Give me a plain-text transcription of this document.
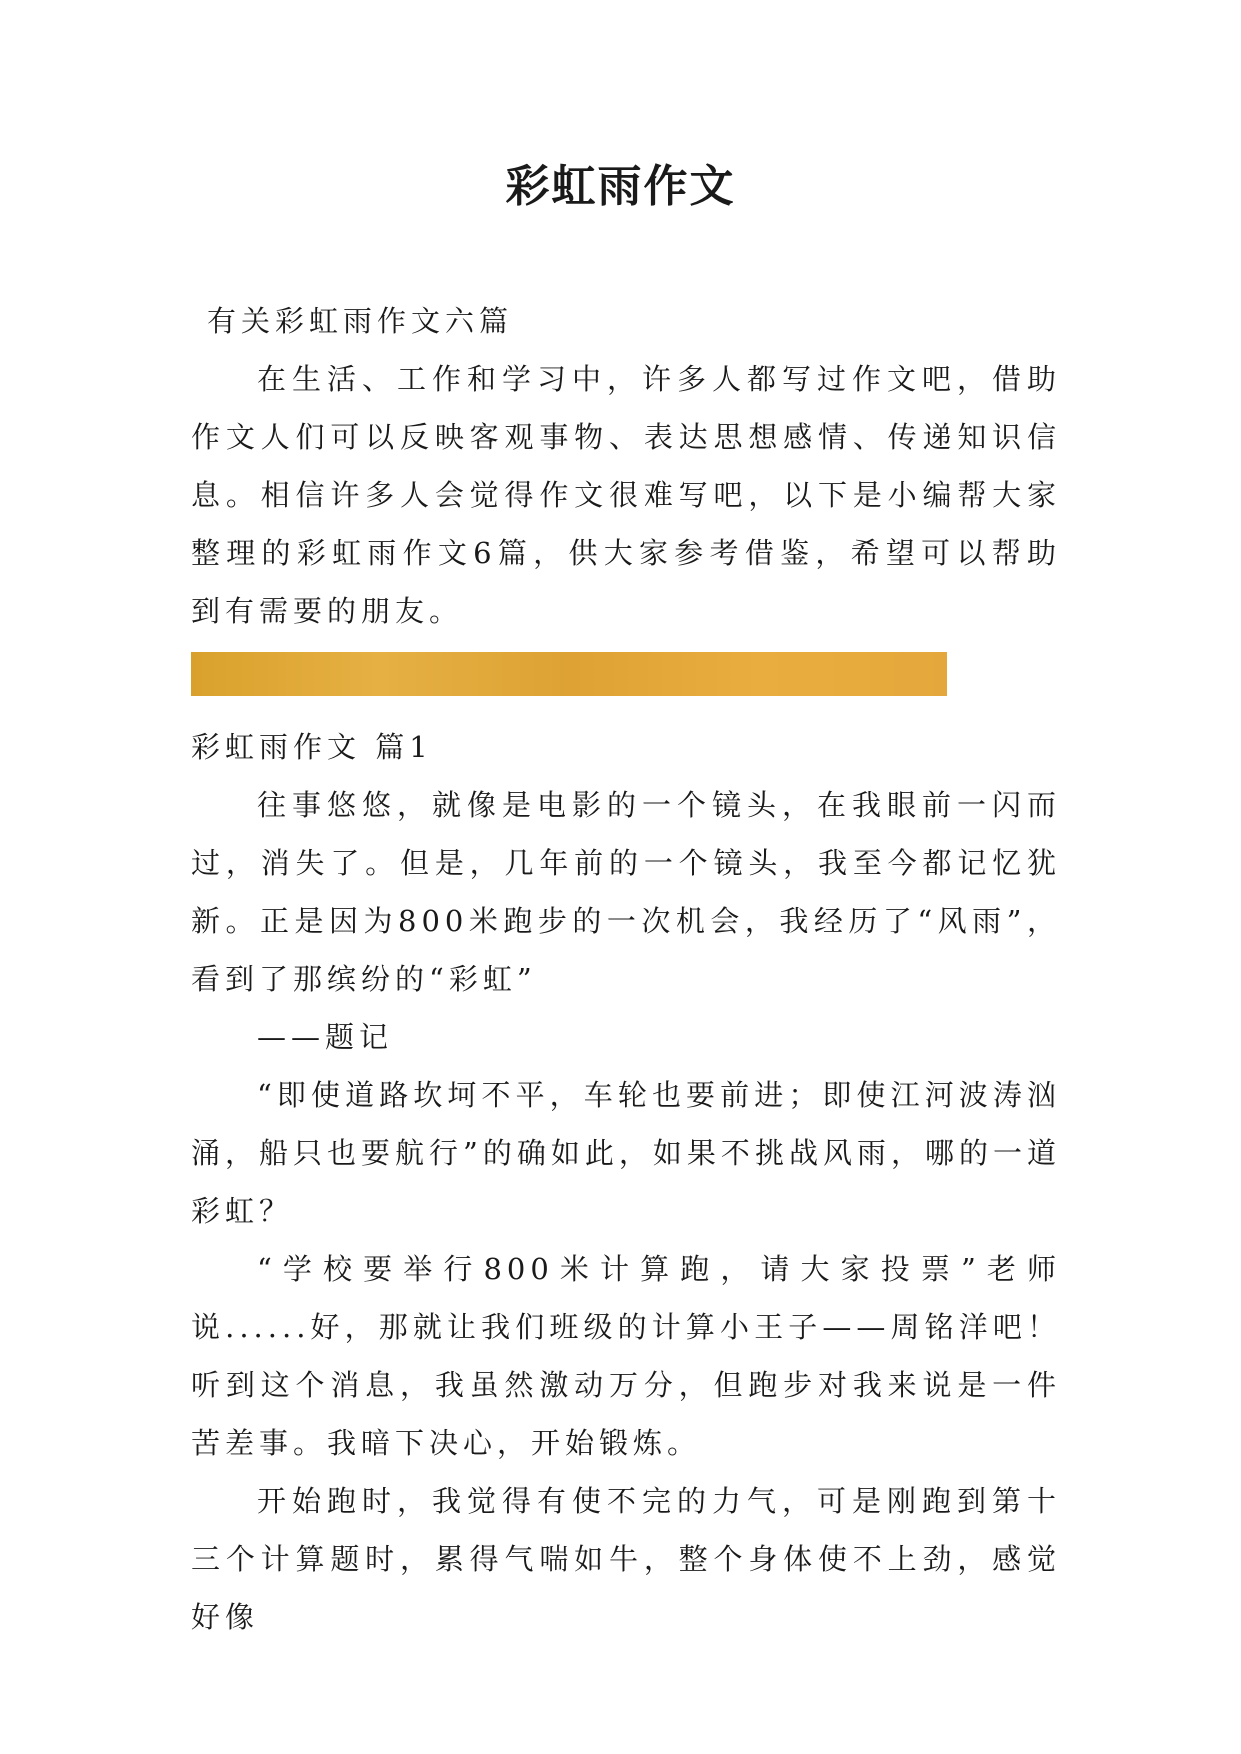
彩虹雨作文

有关彩虹雨作文六篇

在生活、工作和学习中，许多人都写过作文吧，借助作文人们可以反映客观事物、表达思想感情、传递知识信息。相信许多人会觉得作文很难写吧，以下是小编帮大家整理的彩虹雨作文6篇，供大家参考借鉴，希望可以帮助到有需要的朋友。

彩虹雨作文 篇1

往事悠悠，就像是电影的一个镜头，在我眼前一闪而过，消失了。但是，几年前的一个镜头，我至今都记忆犹新。正是因为800米跑步的一次机会，我经历了“风雨”，看到了那缤纷的“彩虹”

——题记

“即使道路坎坷不平，车轮也要前进；即使江河波涛汹涌，船只也要航行”的确如此，如果不挑战风雨，哪的一道彩虹？

“学校要举行800米计算跑，请大家投票”老师说......好，那就让我们班级的计算小王子——周铭洋吧！听到这个消息，我虽然激动万分，但跑步对我来说是一件苦差事。我暗下决心，开始锻炼。

开始跑时，我觉得有使不完的力气，可是刚跑到第十三个计算题时，累得气喘如牛，整个身体使不上劲，感觉好像
